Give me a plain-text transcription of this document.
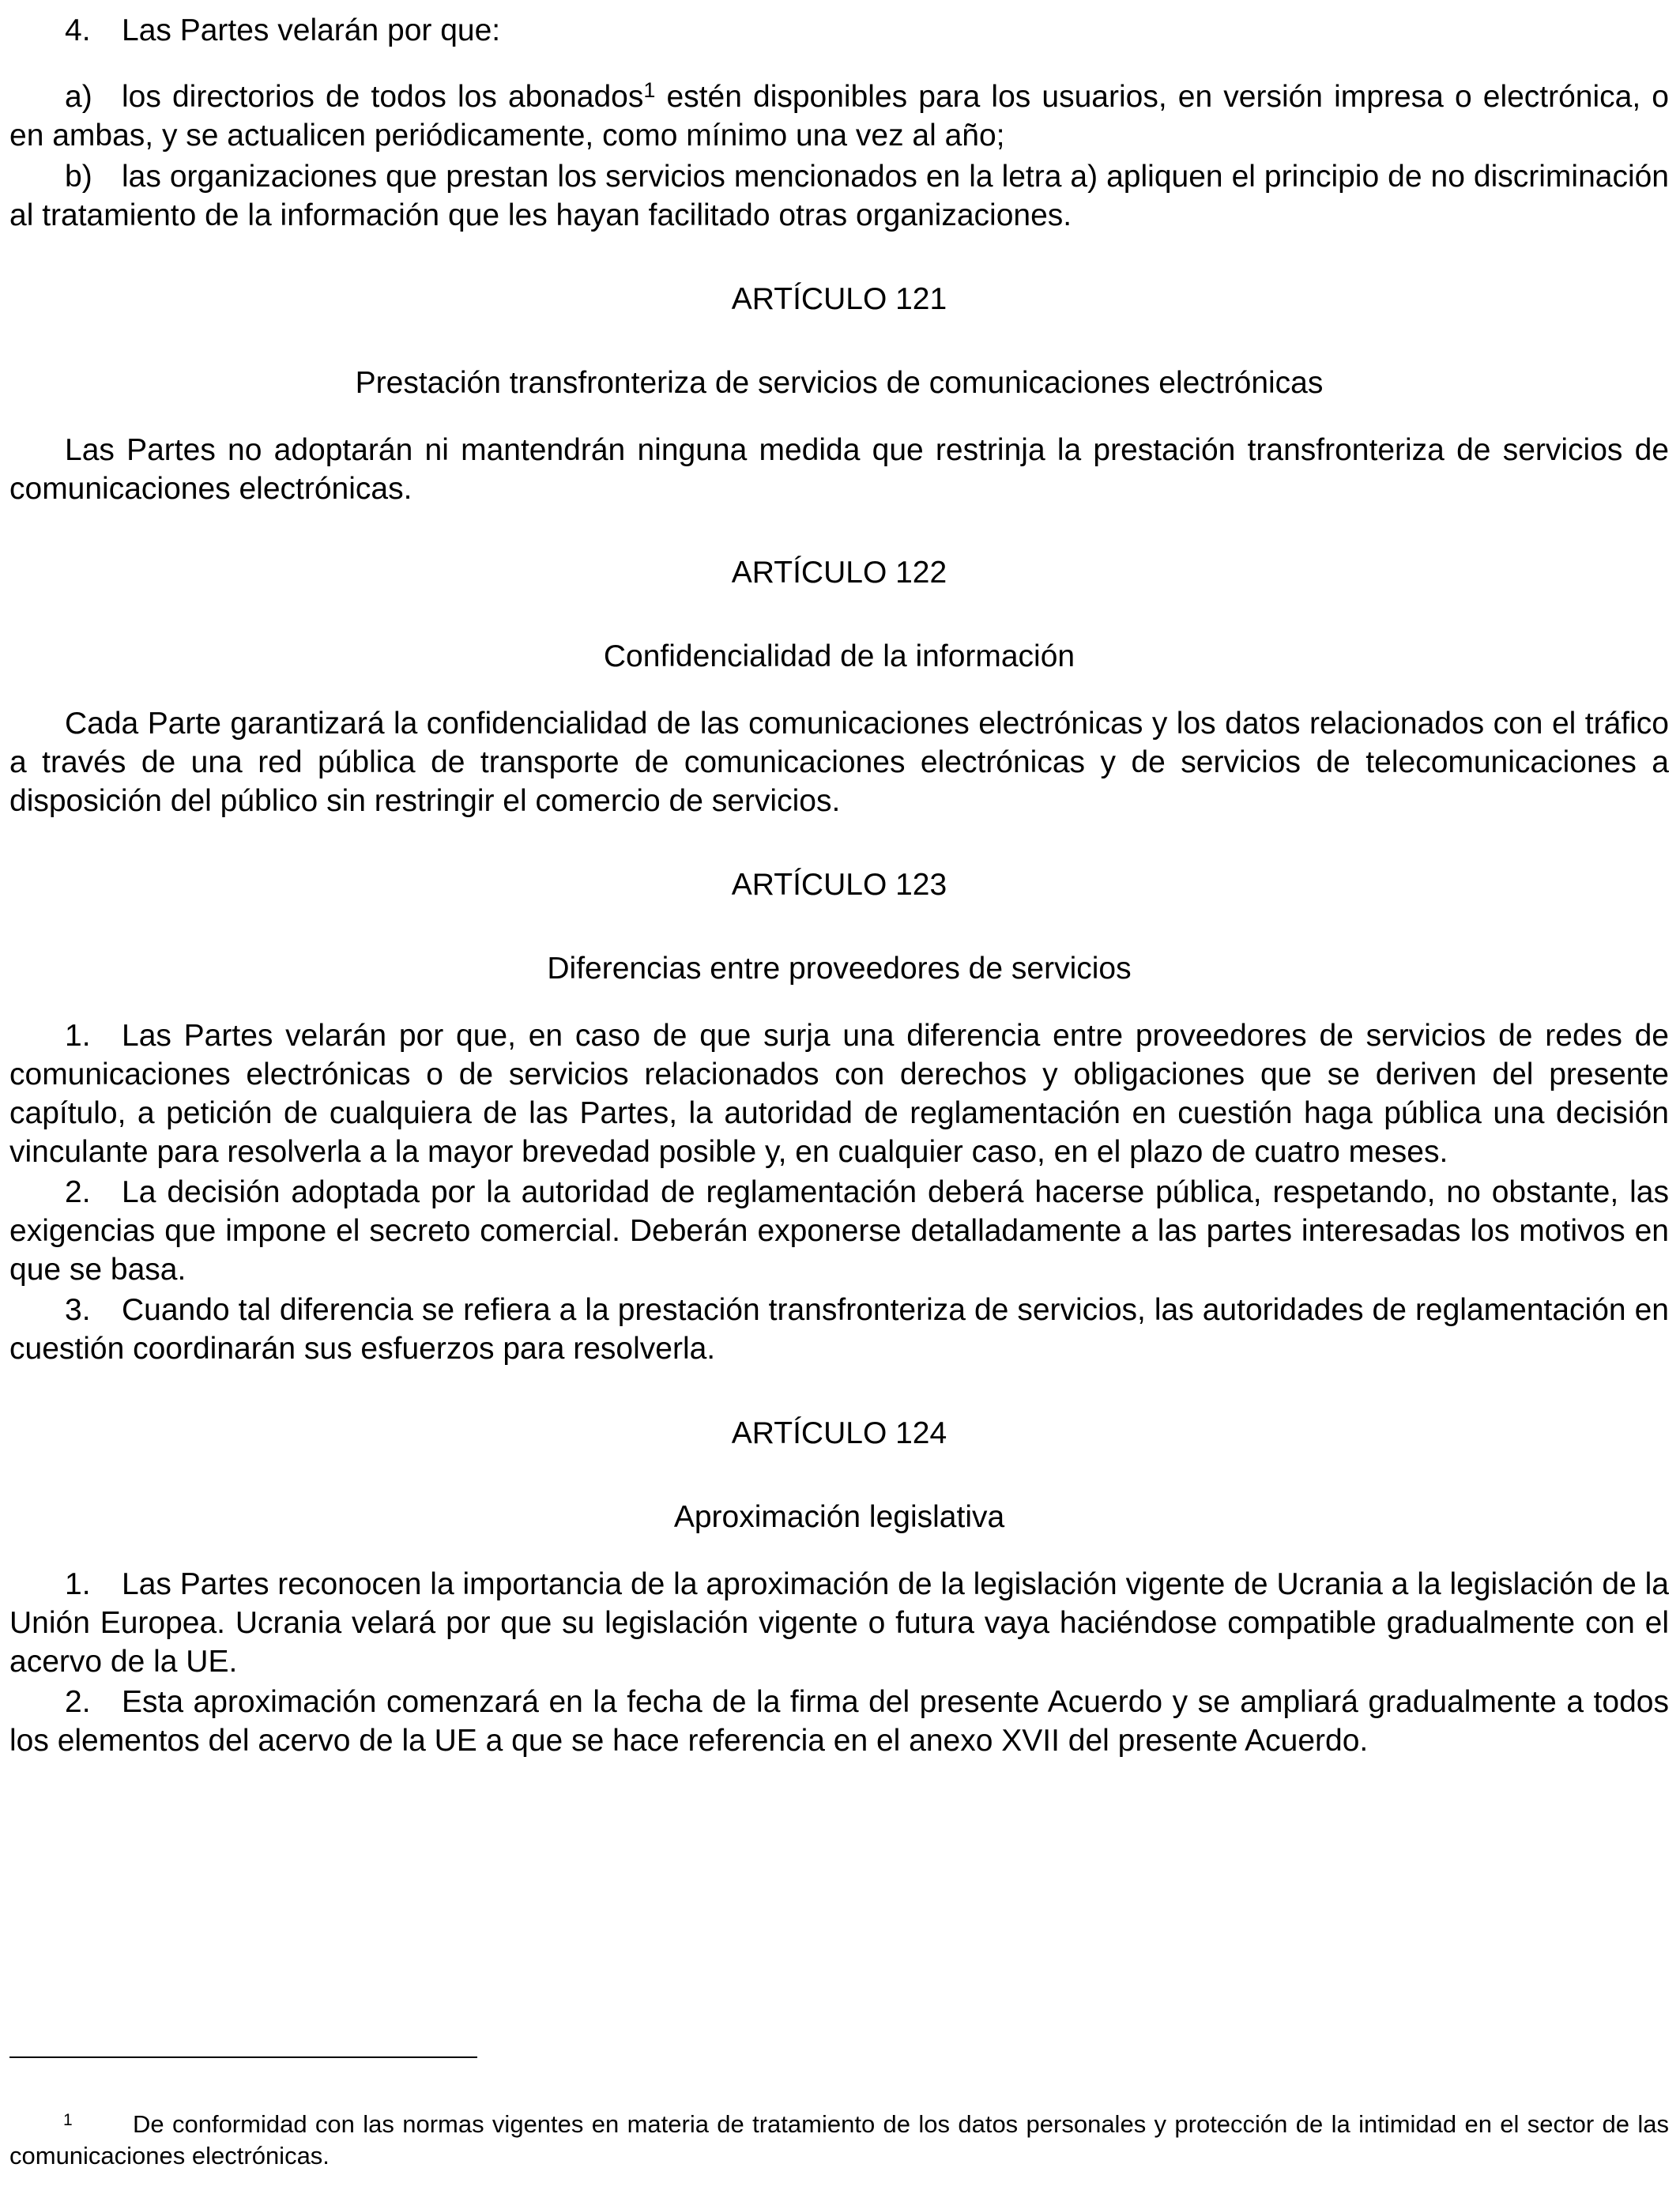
4. Las Partes velarán por que:

a) los directorios de todos los abonados$^1$ estén disponibles para los usuarios, en versión impresa o electrónica, o en ambas, y se actualicen periódicamente, como mínimo una vez al año;

b) las organizaciones que prestan los servicios mencionados en la letra a) apliquen el principio de no discriminación al tratamiento de la información que les hayan facilitado otras organizaciones.

ARTÍCULO 121

Prestación transfronteriza de servicios de comunicaciones electrónicas

Las Partes no adoptarán ni mantendrán ninguna medida que restrinja la prestación transfronteriza de servicios de comunicaciones electrónicas.

ARTÍCULO 122

Confidencialidad de la información

Cada Parte garantizará la confidencialidad de las comunicaciones electrónicas y los datos relacionados con el tráfico a través de una red pública de transporte de comunicaciones electrónicas y de servicios de telecomunicaciones a disposición del público sin restringir el comercio de servicios.

ARTÍCULO 123

Diferencias entre proveedores de servicios

1. Las Partes velarán por que, en caso de que surja una diferencia entre proveedores de servicios de redes de comunicaciones electrónicas o de servicios relacionados con derechos y obligaciones que se deriven del presente capítulo, a petición de cualquiera de las Partes, la autoridad de reglamentación en cuestión haga pública una decisión vinculante para resolverla a la mayor brevedad posible y, en cualquier caso, en el plazo de cuatro meses.

2. La decisión adoptada por la autoridad de reglamentación deberá hacerse pública, respetando, no obstante, las exigencias que impone el secreto comercial. Deberán exponerse detalladamente a las partes interesadas los motivos en que se basa.

3. Cuando tal diferencia se refiera a la prestación transfronteriza de servicios, las autoridades de reglamentación en cuestión coordinarán sus esfuerzos para resolverla.

ARTÍCULO 124

Aproximación legislativa

1. Las Partes reconocen la importancia de la aproximación de la legislación vigente de Ucrania a la legislación de la Unión Europea. Ucrania velará por que su legislación vigente o futura vaya haciéndose compatible gradualmente con el acervo de la UE.

2. Esta aproximación comenzará en la fecha de la firma del presente Acuerdo y se ampliará gradualmente a todos los elementos del acervo de la UE a que se hace referencia en el anexo XVII del presente Acuerdo.

1 De conformidad con las normas vigentes en materia de tratamiento de los datos personales y protección de la intimidad en el sector de las comunicaciones electrónicas.
